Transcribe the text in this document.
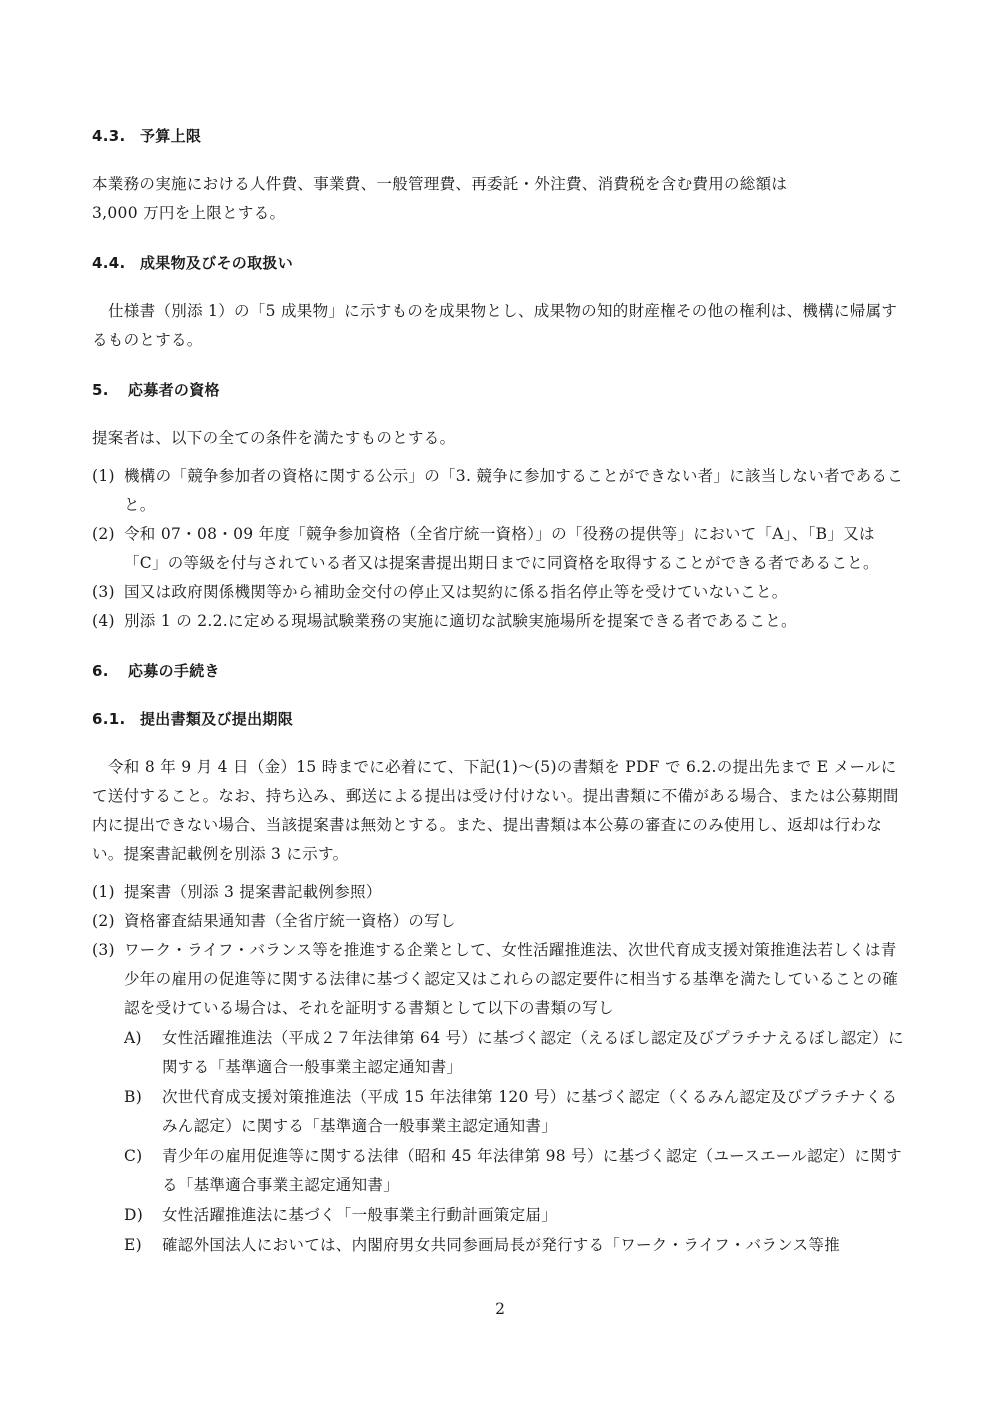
4.3. 予算上限

本業務の実施における人件費、事業費、一般管理費、再委託・外注費、消費税を含む費用の総額は3,000 万円を上限とする。

4.4. 成果物及びその取扱い

仕様書（別添 1）の「5 成果物」に示すものを成果物とし、成果物の知的財産権その他の権利は、機構に帰属するものとする。

5. 応募者の資格

提案者は、以下の全ての条件を満たすものとする。

(1) 機構の「競争参加者の資格に関する公示」の「3. 競争に参加することができない者」に該当しない者であること。
(2) 令和 07・08・09 年度「競争参加資格（全省庁統一資格）」の「役務の提供等」において「A」、「B」又は「C」の等級を付与されている者又は提案書提出期日までに同資格を取得することができる者であること。
(3) 国又は政府関係機関等から補助金交付の停止又は契約に係る指名停止等を受けていないこと。
(4) 別添 1 の 2.2.に定める現場試験業務の実施に適切な試験実施場所を提案できる者であること。
6. 応募の手続き
6.1. 提出書類及び提出期限

令和 8 年 9 月 4 日（金）15 時までに必着にて、下記(1)～(5)の書類を PDF で 6.2.の提出先まで E メールにて送付すること。なお、持ち込み、郵送による提出は受け付けない。提出書類に不備がある場合、または公募期間内に提出できない場合、当該提案書は無効とする。また、提出書類は本公募の審査にのみ使用し、返却は行わない。提案書記載例を別添 3 に示す。

(1) 提案書（別添 3 提案書記載例参照）
(2) 資格審査結果通知書（全省庁統一資格）の写し
(3) ワーク・ライフ・バランス等を推進する企業として、女性活躍推進法、次世代育成支援対策推進法若しくは青少年の雇用の促進等に関する法律に基づく認定又はこれらの認定要件に相当する基準を満たしていることの確認を受けている場合は、それを証明する書類として以下の書類の写し
A)	女性活躍推進法（平成２７年法律第 64 号）に基づく認定（えるぼし認定及びプラチナえるぼし認定）に関する「基準適合一般事業主認定通知書」
B)	次世代育成支援対策推進法（平成 15 年法律第 120 号）に基づく認定（くるみん認定及びプラチナくるみん認定）に関する「基準適合一般事業主認定通知書」
C)	青少年の雇用促進等に関する法律（昭和 45 年法律第 98 号）に基づく認定（ユースエール認定）に関する「基準適合事業主認定通知書」
D)	女性活躍推進法に基づく「一般事業主行動計画策定届」
E)	確認外国法人においては、内閣府男女共同参画局長が発行する「ワーク・ライフ・バランス等推
2
